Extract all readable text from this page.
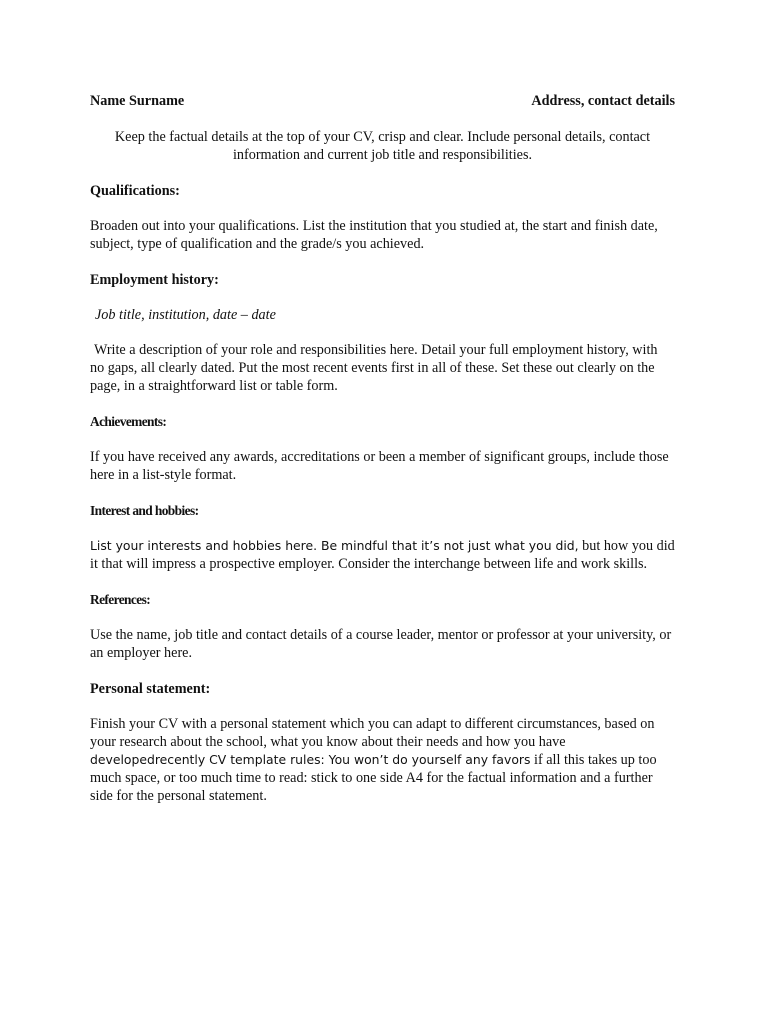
Name Surname	Address, contact details

Keep the factual details at the top of your CV, crisp and clear. Include personal details, contact information and current job title and responsibilities.

Qualifications:

Broaden out into your qualifications. List the institution that you studied at, the start and finish date, subject, type of qualification and the grade/s you achieved.

Employment history:
Job title, institution, date – date

Write a description of your role and responsibilities here. Detail your full employment history, with no gaps, all clearly dated. Put the most recent events first in all of these. Set these out clearly on the page, in a straightforward list or table form.

Achievements:

If you have received any awards, accreditations or been a member of significant groups, include those here in a list-style format.

Interest and hobbies:

List your interests and hobbies here. Be mindful that it’s not just what you did, but how you did it that will impress a prospective employer. Consider the interchange between life and work skills.

References:

Use the name, job title and contact details of a course leader, mentor or professor at your university, or an employer here.

Personal statement:

Finish your CV with a personal statement which you can adapt to different circumstances, based on your research about the school, what you know about their needs and how you have developedrecently CV template rules: You won’t do yourself any favors if all this takes up too much space, or too much time to read: stick to one side A4 for the factual information and a further side for the personal statement.
